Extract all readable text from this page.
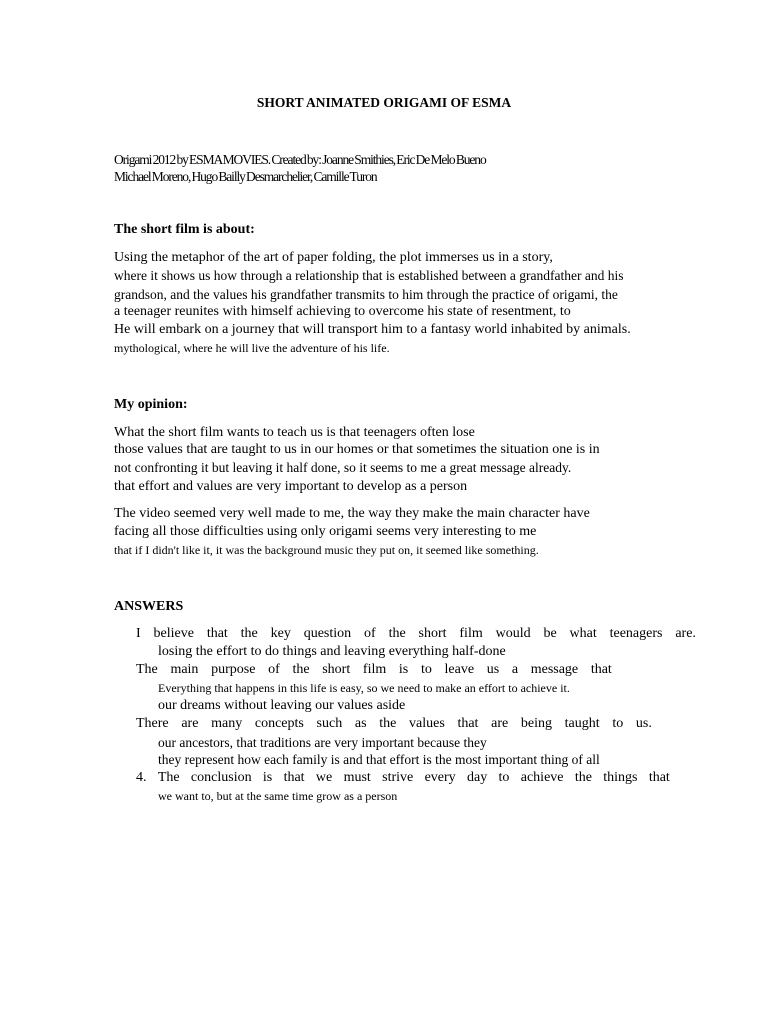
SHORT ANIMATED ORIGAMI OF ESMA
Origami 2012 by ESMA MOVIES. Created by: Joanne Smithies, Eric De Melo Bueno
Michael Moreno, Hugo Bailly Desmarchelier, Camille Turon
The short film is about:
Using the metaphor of the art of paper folding, the plot immerses us in a story,
where it shows us how through a relationship that is established between a grandfather and his
grandson, and the values his grandfather transmits to him through the practice of origami, the
a teenager reunites with himself achieving to overcome his state of resentment, to
He will embark on a journey that will transport him to a fantasy world inhabited by animals.
mythological, where he will live the adventure of his life.
My opinion:
What the short film wants to teach us is that teenagers often lose
those values that are taught to us in our homes or that sometimes the situation one is in
not confronting it but leaving it half done, so it seems to me a great message already.
that effort and values are very important to develop as a person
The video seemed very well made to me, the way they make the main character have
facing all those difficulties using only origami seems very interesting to me
that if I didn't like it, it was the background music they put on, it seemed like something.
ANSWERS
I believe that the key question of the short film would be what teenagers are.
losing the effort to do things and leaving everything half-done
The main purpose of the short film is to leave us a message that
Everything that happens in this life is easy, so we need to make an effort to achieve it.
our dreams without leaving our values aside
There are many concepts such as the values that are being taught to us.
our ancestors, that traditions are very important because they
they represent how each family is and that effort is the most important thing of all
4. The conclusion is that we must strive every day to achieve the things that
we want to, but at the same time grow as a person
